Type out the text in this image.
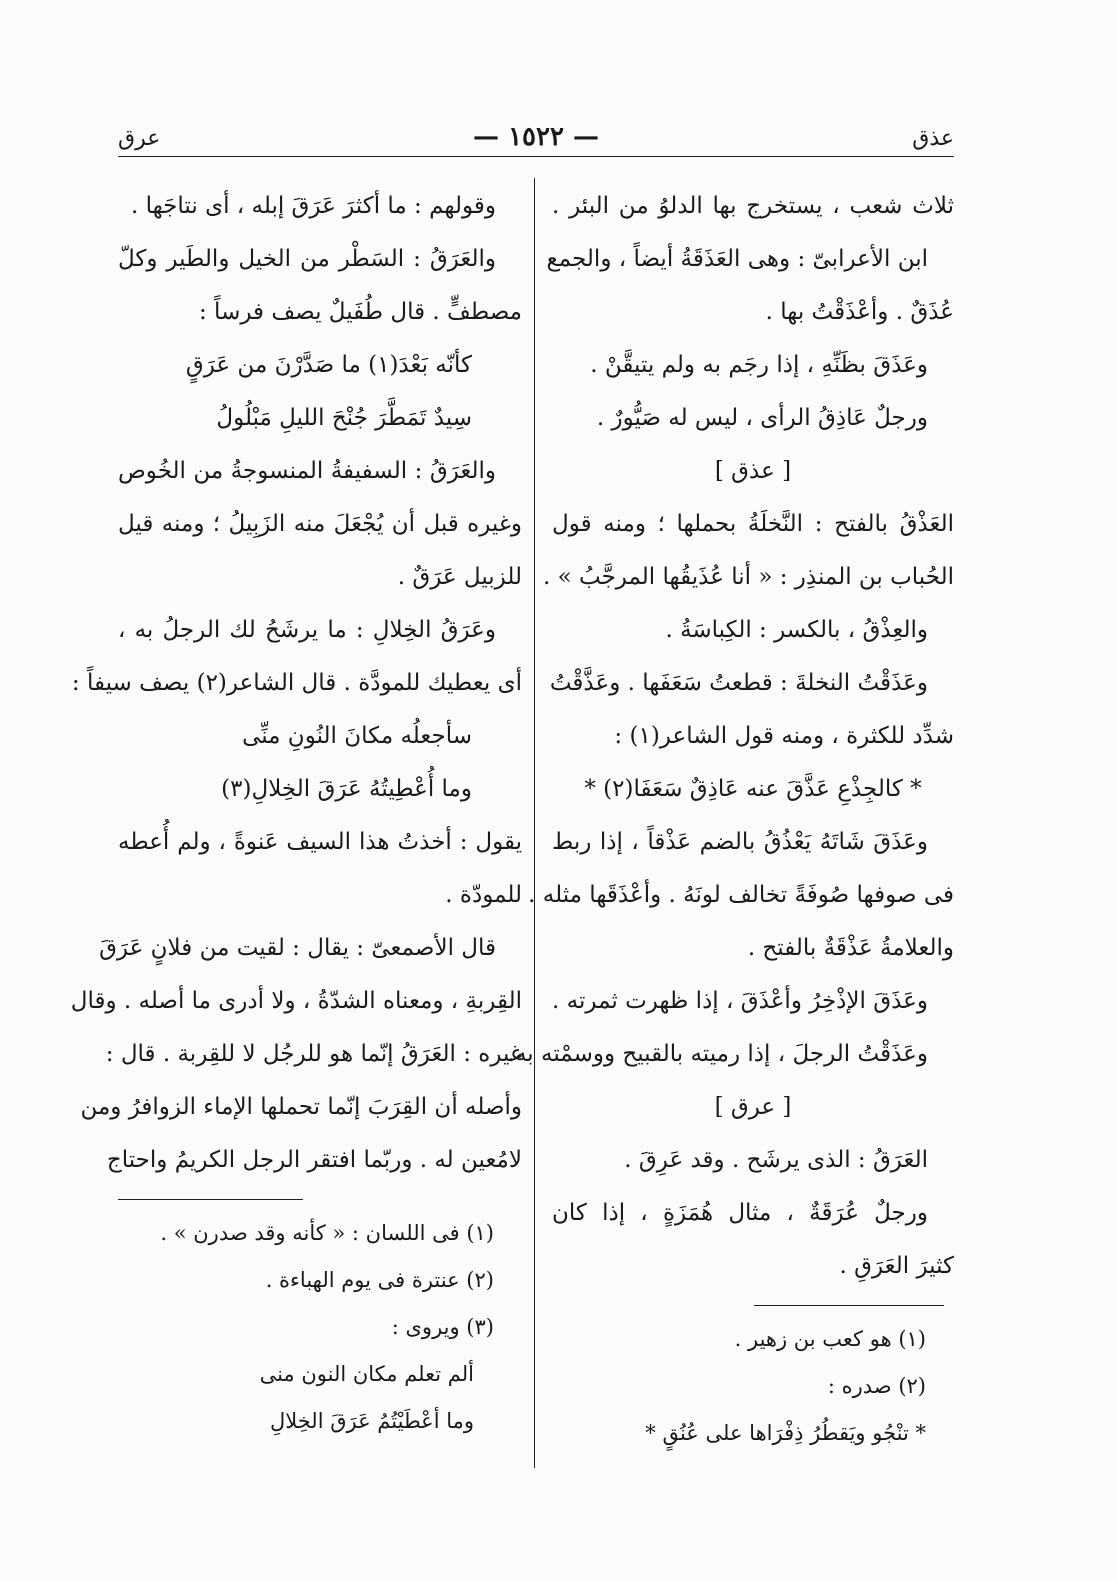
عذق
— ١٥٢٢ —
عرق
ثلاث شعب ، يستخرج بها الدلوُ من البئر .
ابن الأعرابىّ : وهى العَذَقَةُ أيضاً ، والجمع
عُذَقٌ . وأعْذَقْتُ بها .
وعَذَقَ بظَنِّهِ ، إذا رجَم به ولم يتيقَّنْ .
ورجلٌ عَاذِقُ الرأى ، ليس له صَيُّورٌ .
[ عذق ]
العَذْقُ بالفتح : النَّخلَةُ بحملها ؛ ومنه قول
الحُباب بن المنذِر : « أنا عُذَيقُها المرجَّبُ » .
والعِذْقُ ، بالكسر : الكِباسَةُ .
وعَذَقْتُ النخلةَ : قطعتُ سَعَفَها . وعَذَّقْتُ
شدِّد للكثرة ، ومنه قول الشاعر(١) :
* كالجِذْعِ عَذَّقَ عنه عَاذِقٌ سَعَفَا(٢) *
وعَذَقَ شَاتَهُ يَعْذُقُ بالضم عَذْقاً ، إذا ربط
فى صوفها صُوفَةً تخالف لونَهُ . وأعْذَقَها مثله .
والعلامةُ عَذْقَةٌ بالفتح .
وعَذَقَ الإذْخِرُ وأعْذَقَ ، إذا ظهرت ثمرته .
وعَذَقْتُ الرجلَ ، إذا رميته بالقبيح ووسمْته به.
[ عرق ]
العَرَقُ : الذى يرشَح . وقد عَرِقَ .
ورجلٌ عُرَقَةٌ ، مثال هُمَزَةٍ ، إذا كان
كثيرَ العَرَقِ .
(١) هو كعب بن زهير .
(٢) صدره :
* تنْجُو ويَقطُرُ ذِفْرَاها على عُنُقٍ *
وقولهم : ما أكثرَ عَرَقَ إبله ، أى نتاجَها .
والعَرَقُ : السَطْر من الخيل والطَير وكلّ
مصطفٍّ . قال طُفَيلٌ يصف فرساً :
كأنّه بَعْدَ(١) ما صَدَّرْنَ من عَرَقٍ
سِيدٌ تَمَطَّرَ جُنْحَ الليلِ مَبْلُولُ
والعَرَقُ : السفيفةُ المنسوجةُ من الخُوص
وغيره قبل أن يُجْعَلَ منه الزَبِيلُ ؛ ومنه قيل
للزبيل عَرَقٌ .
وعَرَقُ الخِلالِ : ما يرشَحُ لك الرجلُ به ،
أى يعطيك للمودَّة . قال الشاعر(٢) يصف سيفاً :
سأجعلُه مكانَ النُونِ منِّى
وما أُعْطِيتُهُ عَرَقَ الخِلالِ(٣)
يقول : أخذتُ هذا السيف عَنوةً ، ولم أُعطه
للمودّة .
قال الأصمعىّ : يقال : لقيت من فلانٍ عَرَقَ
القِربةِ ، ومعناه الشدّةُ ، ولا أدرى ما أصله . وقال
غيره : العَرَقُ إنّما هو للرجُل لا للقِربة . قال :
وأصله أن القِرَبَ إنّما تحملها الإماء الزوافرُ ومن
لامُعين له . وربّما افتقر الرجل الكريمُ واحتاج
(١) فى اللسان : « كأنه وقد صدرن » .
(٢) عنترة فى يوم الهباءة .
(٣) ويروى :
ألم تعلم مكان النون منى
وما أعْطَيْتُمُ عَرَقَ الخِلالِ
